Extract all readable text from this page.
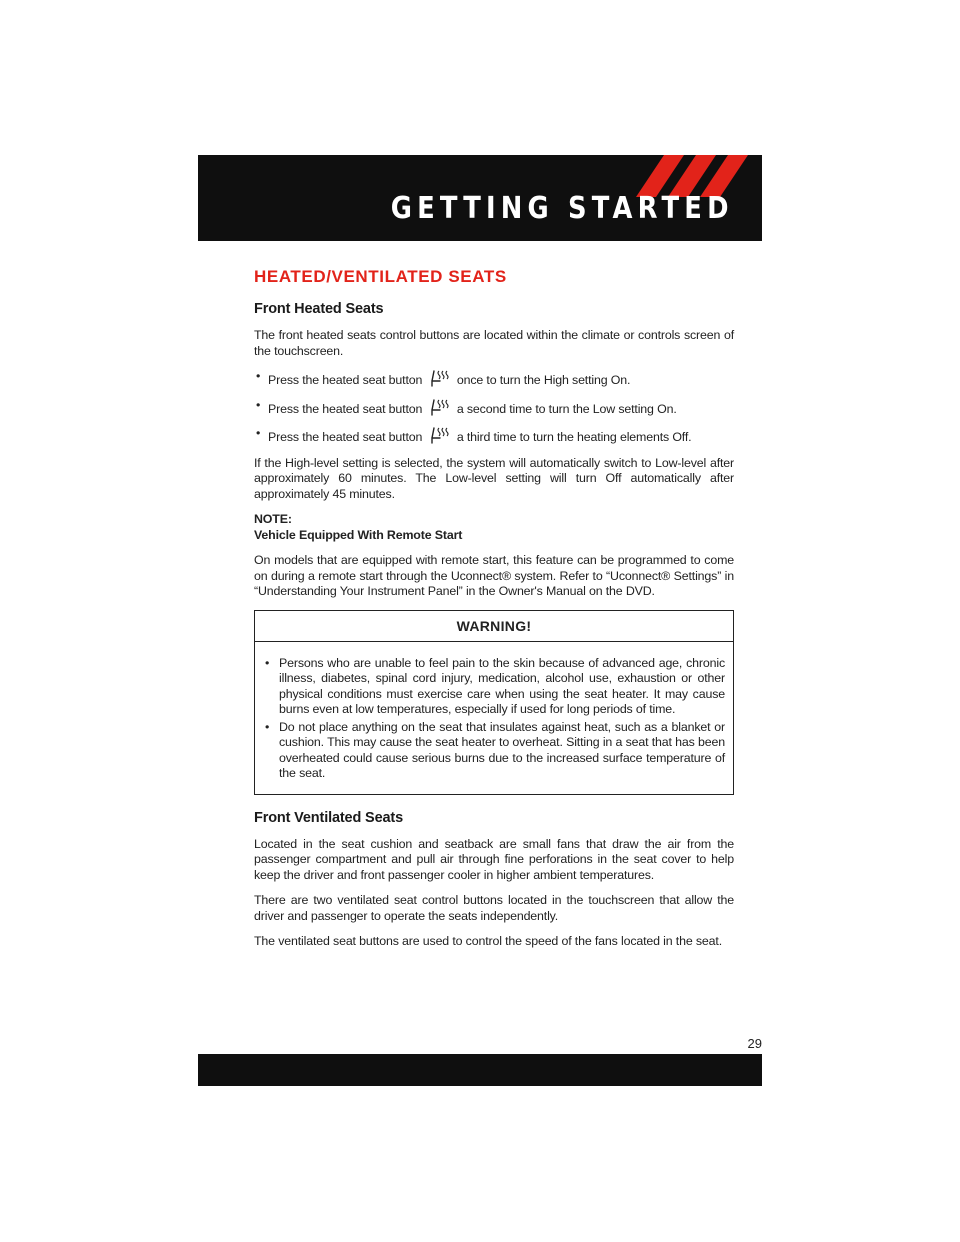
GETTING STARTED
HEATED/VENTILATED SEATS
Front Heated Seats

The front heated seats control buttons are located within the climate or controls screen of the touchscreen.

• Press the heated seat button	once to turn the High setting On.
• Press the heated seat button	a second time to turn the Low setting On.
• Press the heated seat button	a third time to turn the heating elements Off.

If the High-level setting is selected, the system will automatically switch to Low-level after approximately 60 minutes. The Low-level setting will turn Off automatically after approximately 45 minutes.

NOTE:

Vehicle Equipped With Remote Start

On models that are equipped with remote start, this feature can be programmed to come on during a remote start through the Uconnect® system. Refer to “Uconnect® Settings” in “Understanding Your Instrument Panel” in the Owner's Manual on the DVD.

WARNING!
• Persons who are unable to feel pain to the skin because of advanced age, chronic illness, diabetes, spinal cord injury, medication, alcohol use, exhaustion or other physical conditions must exercise care when using the seat heater. It may cause burns even at low temperatures, especially if used for long periods of time.
• Do not place anything on the seat that insulates against heat, such as a blanket or cushion. This may cause the seat heater to overheat. Sitting in a seat that has been overheated could cause serious burns due to the increased surface temperature of the seat.
Front Ventilated Seats

Located in the seat cushion and seatback are small fans that draw the air from the passenger compartment and pull air through fine perforations in the seat cover to help keep the driver and front passenger cooler in higher ambient temperatures.

There are two ventilated seat control buttons located in the touchscreen that allow the driver and passenger to operate the seats independently.

The ventilated seat buttons are used to control the speed of the fans located in the seat.

29
